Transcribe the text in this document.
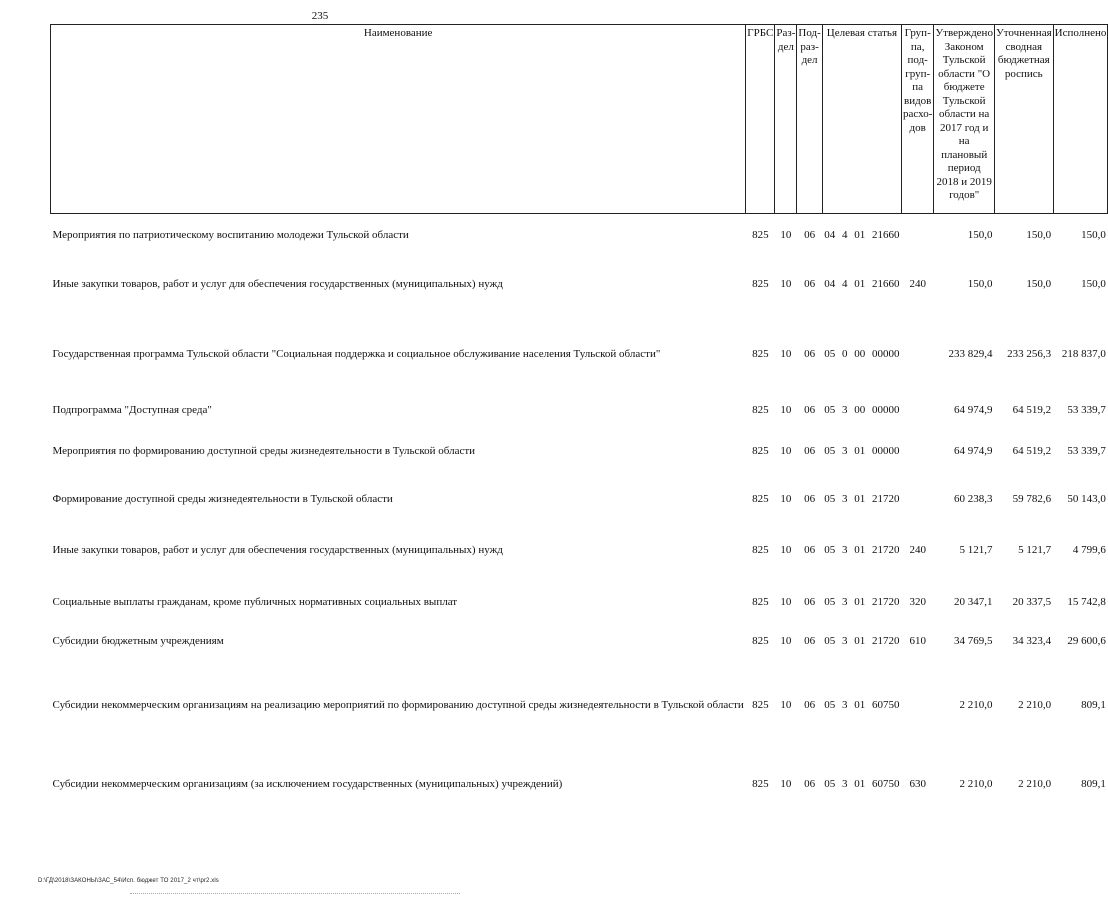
235
Наименование	ГРБС	Раз-дел	Под-раз-дел	Целевая статья	Груп-па, под-груп-па видов расхо-дов	Утверждено Законом Тульской области "О бюджете Тульской области на 2017 год и на плановый период 2018 и 2019 годов"	Уточненная сводная бюджетная роспись	Исполнено
Мероприятия по патриотическому воспитанию молодежи Тульской области	825	10	06	04 4 01 21660		150,0	150,0	150,0
Иные закупки товаров, работ и услуг для обеспечения государственных (муниципальных) нужд	825	10	06	04 4 01 21660	240	150,0	150,0	150,0
Государственная программа Тульской области "Социальная поддержка и социальное обслуживание населения Тульской области"	825	10	06	05 0 00 00000		233 829,4	233 256,3	218 837,0
Подпрограмма "Доступная среда"	825	10	06	05 3 00 00000		64 974,9	64 519,2	53 339,7
Мероприятия по формированию доступной среды жизнедеятельности в Тульской области	825	10	06	05 3 01 00000		64 974,9	64 519,2	53 339,7
Формирование доступной среды жизнедеятельности в Тульской области	825	10	06	05 3 01 21720		60 238,3	59 782,6	50 143,0
Иные закупки товаров, работ и услуг для обеспечения государственных (муниципальных) нужд	825	10	06	05 3 01 21720	240	5 121,7	5 121,7	4 799,6
Социальные выплаты гражданам, кроме публичных нормативных социальных выплат	825	10	06	05 3 01 21720	320	20 347,1	20 337,5	15 742,8
Субсидии бюджетным учреждениям	825	10	06	05 3 01 21720	610	34 769,5	34 323,4	29 600,6
Субсидии некоммерческим организациям на реализацию мероприятий по формированию доступной среды жизнедеятельности в Тульской области	825	10	06	05 3 01 60750		2 210,0	2 210,0	809,1
Субсидии некоммерческим организациям (за исключением государственных (муниципальных) учреждений)	825	10	06	05 3 01 60750	630	2 210,0	2 210,0	809,1
D:\ГД\2018\ЗАКОНЫ\ЗАС_54\Исп. бюджет ТО 2017_2 чт\pr2.xls
